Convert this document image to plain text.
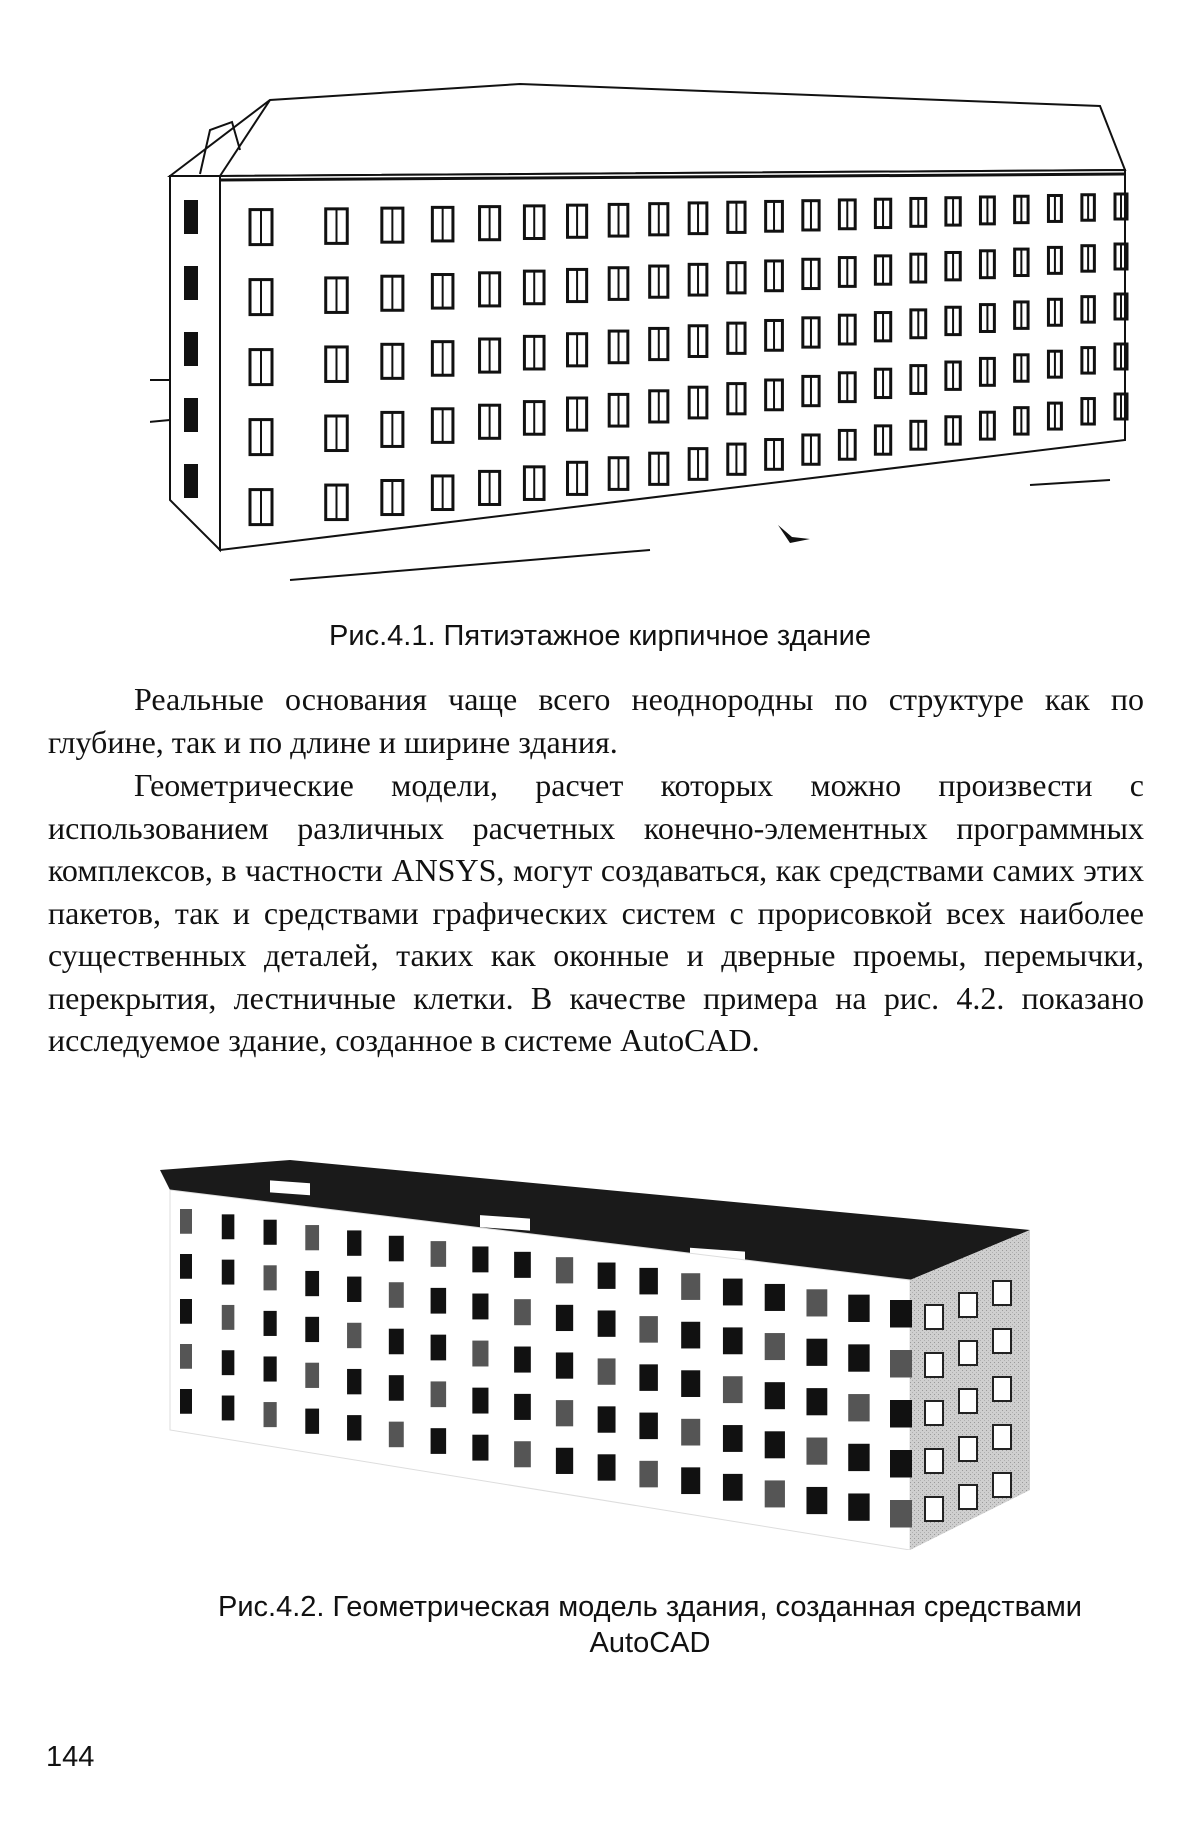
Рис.4.1. Пятиэтажное кирпичное здание

Реальные основания чаще всего неоднородны по структуре как по глубине, так и по длине и ширине здания.

Геометрические модели, расчет которых можно произвести с использованием различных расчетных конечно-элементных программных комплексов, в частности ANSYS, могут создаваться, как средствами самих этих пакетов, так и средствами графических систем с прорисовкой всех наиболее существенных деталей, таких как оконные и дверные проемы, перемычки, перекрытия, лестничные клетки. В качестве примера на рис. 4.2. показано исследуемое здание, созданное в системе AutoCAD.

Рис.4.2. Геометрическая модель здания, созданная средствами
AutoCAD
144
